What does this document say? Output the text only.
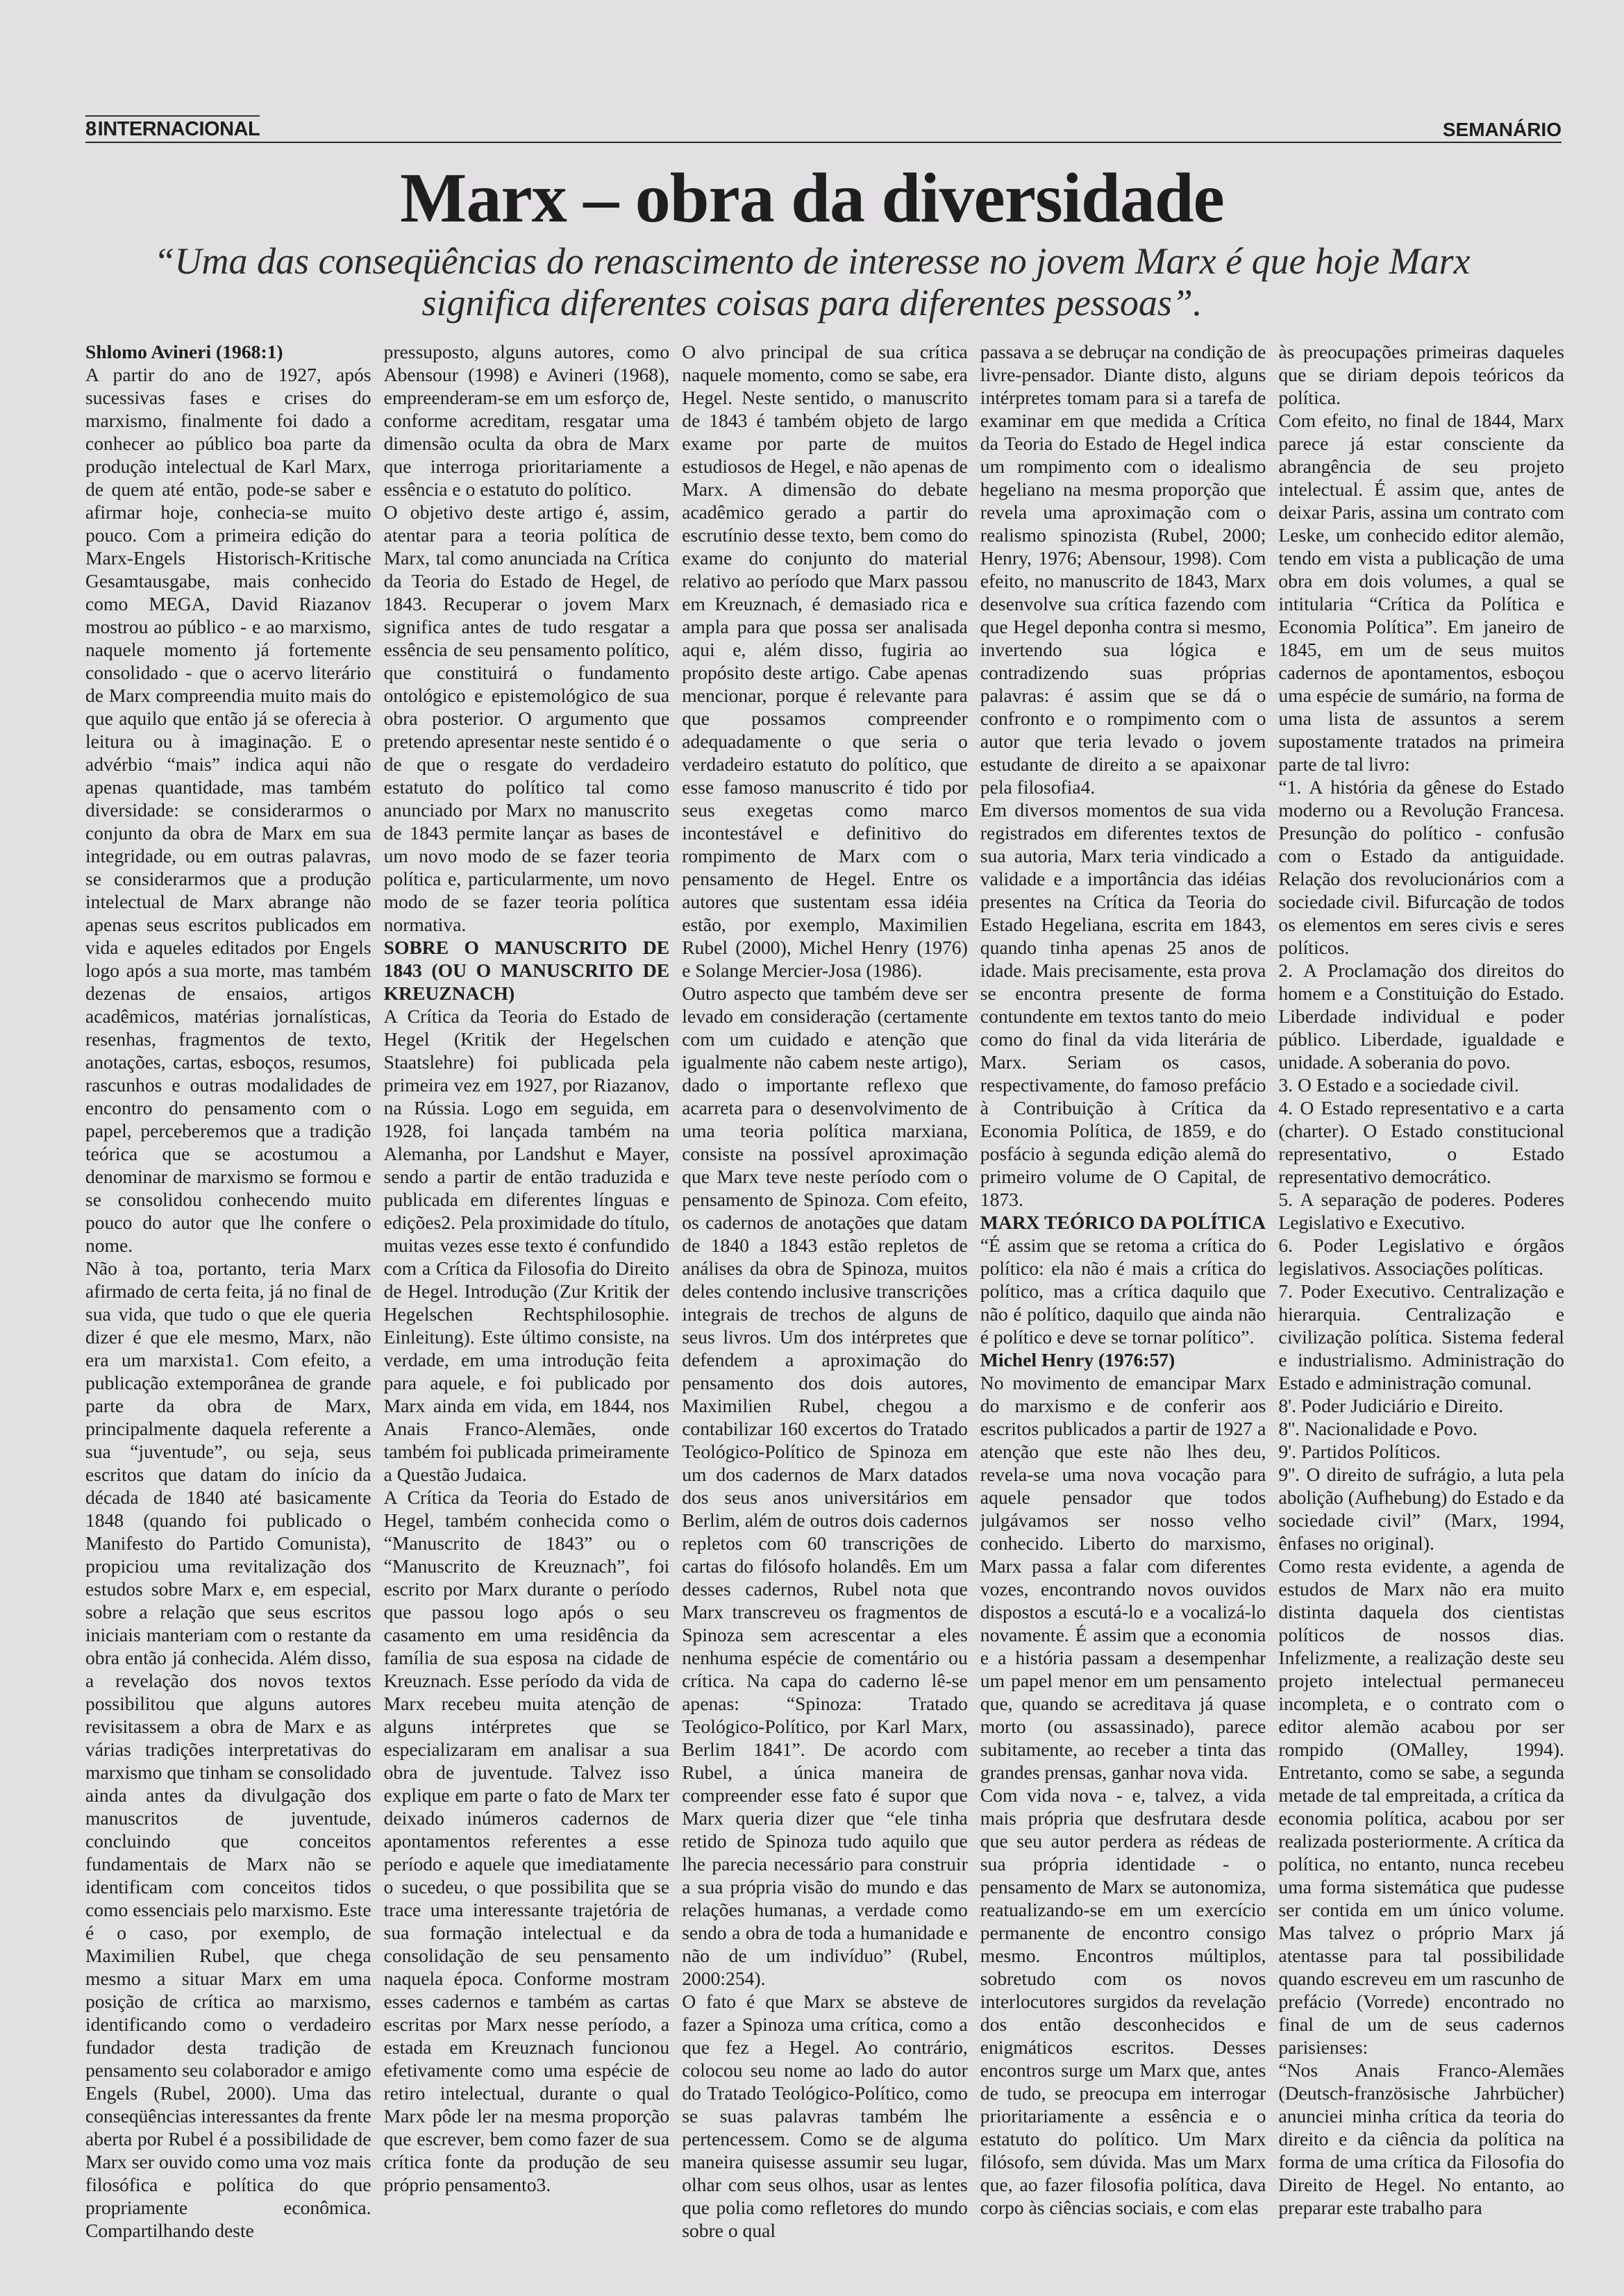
8INTERNACIONAL	SEMANÁRIO
Marx – obra da diversidade

“Uma das conseqüências do renascimento de interesse no jovem Marx é que hoje Marx significa diferentes coisas para diferentes pessoas”.

Shlomo Avineri (1968:1)

A partir do ano de 1927, após sucessivas fases e crises do marxismo, finalmente foi dado a conhecer ao público boa parte da produção intelectual de Karl Marx, de quem até então, pode-se saber e afirmar hoje, conhecia-se muito pouco. Com a primeira edição do Marx-Engels Historisch-Kritische Gesamtausgabe, mais conhecido como MEGA, David Riazanov mostrou ao público - e ao marxismo, naquele momento já fortemente consolidado - que o acervo literário de Marx compreendia muito mais do que aquilo que então já se oferecia à leitura ou à imaginação. E o advérbio “mais” indica aqui não apenas quantidade, mas também diversidade: se considerarmos o conjunto da obra de Marx em sua integridade, ou em outras palavras, se considerarmos que a produção intelectual de Marx abrange não apenas seus escritos publicados em vida e aqueles editados por Engels logo após a sua morte, mas também dezenas de ensaios, artigos acadêmicos, matérias jornalísticas, resenhas, fragmentos de texto, anotações, cartas, esboços, resumos, rascunhos e outras modalidades de encontro do pensamento com o papel, perceberemos que a tradição teórica que se acostumou a denominar de marxismo se formou e se consolidou conhecendo muito pouco do autor que lhe confere o nome.

Não à toa, portanto, teria Marx afirmado de certa feita, já no final de sua vida, que tudo o que ele queria dizer é que ele mesmo, Marx, não era um marxista1. Com efeito, a publicação extemporânea de grande parte da obra de Marx, principalmente daquela referente a sua “juventude”, ou seja, seus escritos que datam do início da década de 1840 até basicamente 1848 (quando foi publicado o Manifesto do Partido Comunista), propiciou uma revitalização dos estudos sobre Marx e, em especial, sobre a relação que seus escritos iniciais manteriam com o restante da obra então já conhecida. Além disso, a revelação dos novos textos possibilitou que alguns autores revisitassem a obra de Marx e as várias tradições interpretativas do marxismo que tinham se consolidado ainda antes da divulgação dos manuscritos de juventude, concluindo que conceitos fundamentais de Marx não se identificam com conceitos tidos como essenciais pelo marxismo. Este é o caso, por exemplo, de Maximilien Rubel, que chega mesmo a situar Marx em uma posição de crítica ao marxismo, identificando como o verdadeiro fundador desta tradição de pensamento seu colaborador e amigo Engels (Rubel, 2000). Uma das conseqüências interessantes da frente aberta por Rubel é a possibilidade de Marx ser ouvido como uma voz mais filosófica e política do que propriamente econômica. Compartilhando deste

pressuposto, alguns autores, como Abensour (1998) e Avineri (1968), empreenderam-se em um esforço de, conforme acreditam, resgatar uma dimensão oculta da obra de Marx que interroga prioritariamente a essência e o estatuto do político.

O objetivo deste artigo é, assim, atentar para a teoria política de Marx, tal como anunciada na Crítica da Teoria do Estado de Hegel, de 1843. Recuperar o jovem Marx significa antes de tudo resgatar a essência de seu pensamento político, que constituirá o fundamento ontológico e epistemológico de sua obra posterior. O argumento que pretendo apresentar neste sentido é o de que o resgate do verdadeiro estatuto do político tal como anunciado por Marx no manuscrito de 1843 permite lançar as bases de um novo modo de se fazer teoria política e, particularmente, um novo modo de se fazer teoria política normativa.

SOBRE O MANUSCRITO DE 1843 (OU O MANUSCRITO DE KREUZNACH)

A Crítica da Teoria do Estado de Hegel (Kritik der Hegelschen Staatslehre) foi publicada pela primeira vez em 1927, por Riazanov, na Rússia. Logo em seguida, em 1928, foi lançada também na Alemanha, por Landshut e Mayer, sendo a partir de então traduzida e publicada em diferentes línguas e edições2. Pela proximidade do título, muitas vezes esse texto é confundido com a Crítica da Filosofia do Direito de Hegel. Introdução (Zur Kritik der Hegelschen Rechtsphilosophie. Einleitung). Este último consiste, na verdade, em uma introdução feita para aquele, e foi publicado por Marx ainda em vida, em 1844, nos Anais Franco-Alemães, onde também foi publicada primeiramente a Questão Judaica.

A Crítica da Teoria do Estado de Hegel, também conhecida como o “Manuscrito de 1843” ou o “Manuscrito de Kreuznach”, foi escrito por Marx durante o período que passou logo após o seu casamento em uma residência da família de sua esposa na cidade de Kreuznach. Esse período da vida de Marx recebeu muita atenção de alguns intérpretes que se especializaram em analisar a sua obra de juventude. Talvez isso explique em parte o fato de Marx ter deixado inúmeros cadernos de apontamentos referentes a esse período e aquele que imediatamente o sucedeu, o que possibilita que se trace uma interessante trajetória de sua formação intelectual e da consolidação de seu pensamento naquela época. Conforme mostram esses cadernos e também as cartas escritas por Marx nesse período, a estada em Kreuznach funcionou efetivamente como uma espécie de retiro intelectual, durante o qual Marx pôde ler na mesma proporção que escrever, bem como fazer de sua crítica fonte da produção de seu próprio pensamento3.

O alvo principal de sua crítica naquele momento, como se sabe, era Hegel. Neste sentido, o manuscrito de 1843 é também objeto de largo exame por parte de muitos estudiosos de Hegel, e não apenas de Marx. A dimensão do debate acadêmico gerado a partir do escrutínio desse texto, bem como do exame do conjunto do material relativo ao período que Marx passou em Kreuznach, é demasiado rica e ampla para que possa ser analisada aqui e, além disso, fugiria ao propósito deste artigo. Cabe apenas mencionar, porque é relevante para que possamos compreender adequadamente o que seria o verdadeiro estatuto do político, que esse famoso manuscrito é tido por seus exegetas como marco incontestável e definitivo do rompimento de Marx com o pensamento de Hegel. Entre os autores que sustentam essa idéia estão, por exemplo, Maximilien Rubel (2000), Michel Henry (1976) e Solange Mercier-Josa (1986).

Outro aspecto que também deve ser levado em consideração (certamente com um cuidado e atenção que igualmente não cabem neste artigo), dado o importante reflexo que acarreta para o desenvolvimento de uma teoria política marxiana, consiste na possível aproximação que Marx teve neste período com o pensamento de Spinoza. Com efeito, os cadernos de anotações que datam de 1840 a 1843 estão repletos de análises da obra de Spinoza, muitos deles contendo inclusive transcrições integrais de trechos de alguns de seus livros. Um dos intérpretes que defendem a aproximação do pensamento dos dois autores, Maximilien Rubel, chegou a contabilizar 160 excertos do Tratado Teológico-Político de Spinoza em um dos cadernos de Marx datados dos seus anos universitários em Berlim, além de outros dois cadernos repletos com 60 transcrições de cartas do filósofo holandês. Em um desses cadernos, Rubel nota que Marx transcreveu os fragmentos de Spinoza sem acrescentar a eles nenhuma espécie de comentário ou crítica. Na capa do caderno lê-se apenas: “Spinoza: Tratado Teológico-Político, por Karl Marx, Berlim 1841”. De acordo com Rubel, a única maneira de compreender esse fato é supor que Marx queria dizer que “ele tinha retido de Spinoza tudo aquilo que lhe parecia necessário para construir a sua própria visão do mundo e das relações humanas, a verdade como sendo a obra de toda a humanidade e não de um indivíduo” (Rubel, 2000:254).

O fato é que Marx se absteve de fazer a Spinoza uma crítica, como a que fez a Hegel. Ao contrário, colocou seu nome ao lado do autor do Tratado Teológico-Político, como se suas palavras também lhe pertencessem. Como se de alguma maneira quisesse assumir seu lugar, olhar com seus olhos, usar as lentes que polia como refletores do mundo sobre o qual

passava a se debruçar na condição de livre-pensador. Diante disto, alguns intérpretes tomam para si a tarefa de examinar em que medida a Crítica da Teoria do Estado de Hegel indica um rompimento com o idealismo hegeliano na mesma proporção que revela uma aproximação com o realismo spinozista (Rubel, 2000; Henry, 1976; Abensour, 1998). Com efeito, no manuscrito de 1843, Marx desenvolve sua crítica fazendo com que Hegel deponha contra si mesmo, invertendo sua lógica e contradizendo suas próprias palavras: é assim que se dá o confronto e o rompimento com o autor que teria levado o jovem estudante de direito a se apaixonar pela filosofia4.

Em diversos momentos de sua vida registrados em diferentes textos de sua autoria, Marx teria vindicado a validade e a importância das idéias presentes na Crítica da Teoria do Estado Hegeliana, escrita em 1843, quando tinha apenas 25 anos de idade. Mais precisamente, esta prova se encontra presente de forma contundente em textos tanto do meio como do final da vida literária de Marx. Seriam os casos, respectivamente, do famoso prefácio à Contribuição à Crítica da Economia Política, de 1859, e do posfácio à segunda edição alemã do primeiro volume de O Capital, de 1873.

MARX TEÓRICO DA POLÍTICA

“É assim que se retoma a crítica do político: ela não é mais a crítica do político, mas a crítica daquilo que não é político, daquilo que ainda não é político e deve se tornar político”.

Michel Henry (1976:57)

No movimento de emancipar Marx do marxismo e de conferir aos escritos publicados a partir de 1927 a atenção que este não lhes deu, revela-se uma nova vocação para aquele pensador que todos julgávamos ser nosso velho conhecido. Liberto do marxismo, Marx passa a falar com diferentes vozes, encontrando novos ouvidos dispostos a escutá-lo e a vocalizá-lo novamente. É assim que a economia e a história passam a desempenhar um papel menor em um pensamento que, quando se acreditava já quase morto (ou assassinado), parece subitamente, ao receber a tinta das grandes prensas, ganhar nova vida.

Com vida nova - e, talvez, a vida mais própria que desfrutara desde que seu autor perdera as rédeas de sua própria identidade - o pensamento de Marx se autonomiza, reatualizando-se em um exercício permanente de encontro consigo mesmo. Encontros múltiplos, sobretudo com os novos interlocutores surgidos da revelação dos então desconhecidos e enigmáticos escritos. Desses encontros surge um Marx que, antes de tudo, se preocupa em interrogar prioritariamente a essência e o estatuto do político. Um Marx filósofo, sem dúvida. Mas um Marx que, ao fazer filosofia política, dava corpo às ciências sociais, e com elas

às preocupações primeiras daqueles que se diriam depois teóricos da política.

Com efeito, no final de 1844, Marx parece já estar consciente da abrangência de seu projeto intelectual. É assim que, antes de deixar Paris, assina um contrato com Leske, um conhecido editor alemão, tendo em vista a publicação de uma obra em dois volumes, a qual se intitularia “Crítica da Política e Economia Política”. Em janeiro de 1845, em um de seus muitos cadernos de apontamentos, esboçou uma espécie de sumário, na forma de uma lista de assuntos a serem supostamente tratados na primeira parte de tal livro:

“1. A história da gênese do Estado moderno ou a Revolução Francesa. Presunção do político - confusão com o Estado da antiguidade. Relação dos revolucionários com a sociedade civil. Bifurcação de todos os elementos em seres civis e seres políticos.

2. A Proclamação dos direitos do homem e a Constituição do Estado. Liberdade individual e poder público. Liberdade, igualdade e unidade. A soberania do povo.

3. O Estado e a sociedade civil.

4. O Estado representativo e a carta (charter). O Estado constitucional representativo, o Estado representativo democrático.

5. A separação de poderes. Poderes Legislativo e Executivo.

6. Poder Legislativo e órgãos legislativos. Associações políticas.

7. Poder Executivo. Centralização e hierarquia. Centralização e civilização política. Sistema federal e industrialismo. Administração do Estado e administração comunal.

8'. Poder Judiciário e Direito.

8''. Nacionalidade e Povo.

9'. Partidos Políticos.

9''. O direito de sufrágio, a luta pela abolição (Aufhebung) do Estado e da sociedade civil” (Marx, 1994, ênfases no original).

Como resta evidente, a agenda de estudos de Marx não era muito distinta daquela dos cientistas políticos de nossos dias. Infelizmente, a realização deste seu projeto intelectual permaneceu incompleta, e o contrato com o editor alemão acabou por ser rompido (OMalley, 1994). Entretanto, como se sabe, a segunda metade de tal empreitada, a crítica da economia política, acabou por ser realizada posteriormente. A crítica da política, no entanto, nunca recebeu uma forma sistemática que pudesse ser contida em um único volume. Mas talvez o próprio Marx já atentasse para tal possibilidade quando escreveu em um rascunho de prefácio (Vorrede) encontrado no final de um de seus cadernos parisienses:

“Nos Anais Franco-Alemães (Deutsch-französische Jahrbücher) anunciei minha crítica da teoria do direito e da ciência da política na forma de uma crítica da Filosofia do Direito de Hegel. No entanto, ao preparar este trabalho para
